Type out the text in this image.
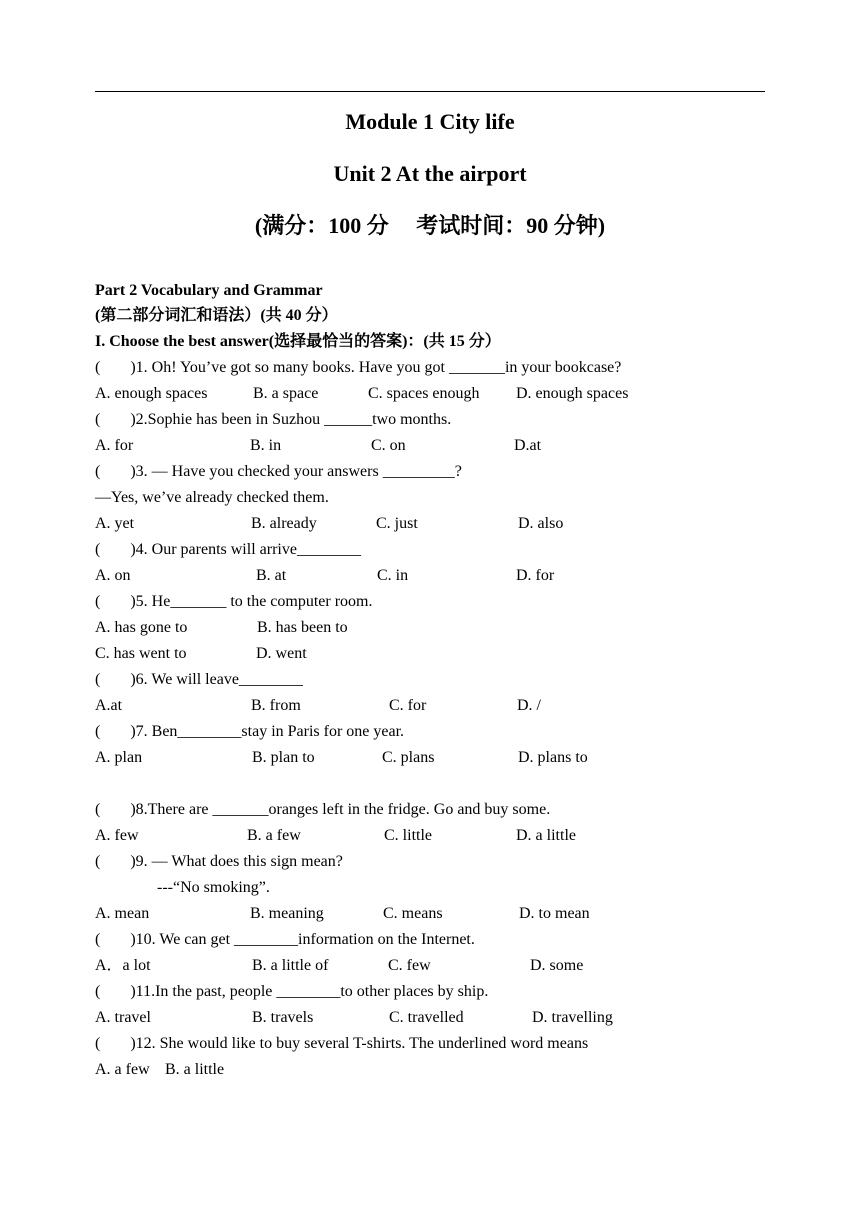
Module 1 City life
Unit 2 At the airport
(满分：100 分     考试时间：90 分钟)
Part 2 Vocabulary and Grammar
(第二部分词汇和语法）(共 40 分）
I. Choose the best answer(选择最恰当的答案)：(共 15 分）
( )1. Oh! You’ve got so many books. Have you got _______in your bookcase?
A. enough spaces	B. a space	C. spaces enough D. enough spaces
( )2.Sophie has been in Suzhou ______two months.
A. for	B. in	C. on	D.at
( )3. — Have you checked your answers _________?
—Yes, we’ve already checked them.
A. yet	B. already	C. just	D. also
( )4. Our parents will arrive________
A. on	B. at	C. in	D. for
( )5. He_______ to the computer room.
A. has gone to	B. has been to
C. has went to	D. went
( )6. We will leave________
A.at	B. from	C. for	D. /
( )7. Ben________stay in Paris for one year.
A. plan	B. plan to	C. plans	D. plans to
( )8.There are _______oranges left in the fridge. Go and buy some.
A. few	B. a few	C. little	D. a little
( )9. — What does this sign mean?
---“No smoking”.
A. mean	B. meaning	C. means	D. to mean
( )10. We can get ________information on the Internet.
A．a lot	B. a little of	C. few	D. some
( )11.In the past, people ________to other places by ship.
A. travel	B. travels	C. travelled	D. travelling
( )12. She would like to buy several T-shirts. The underlined word means
A. a few B. a little
